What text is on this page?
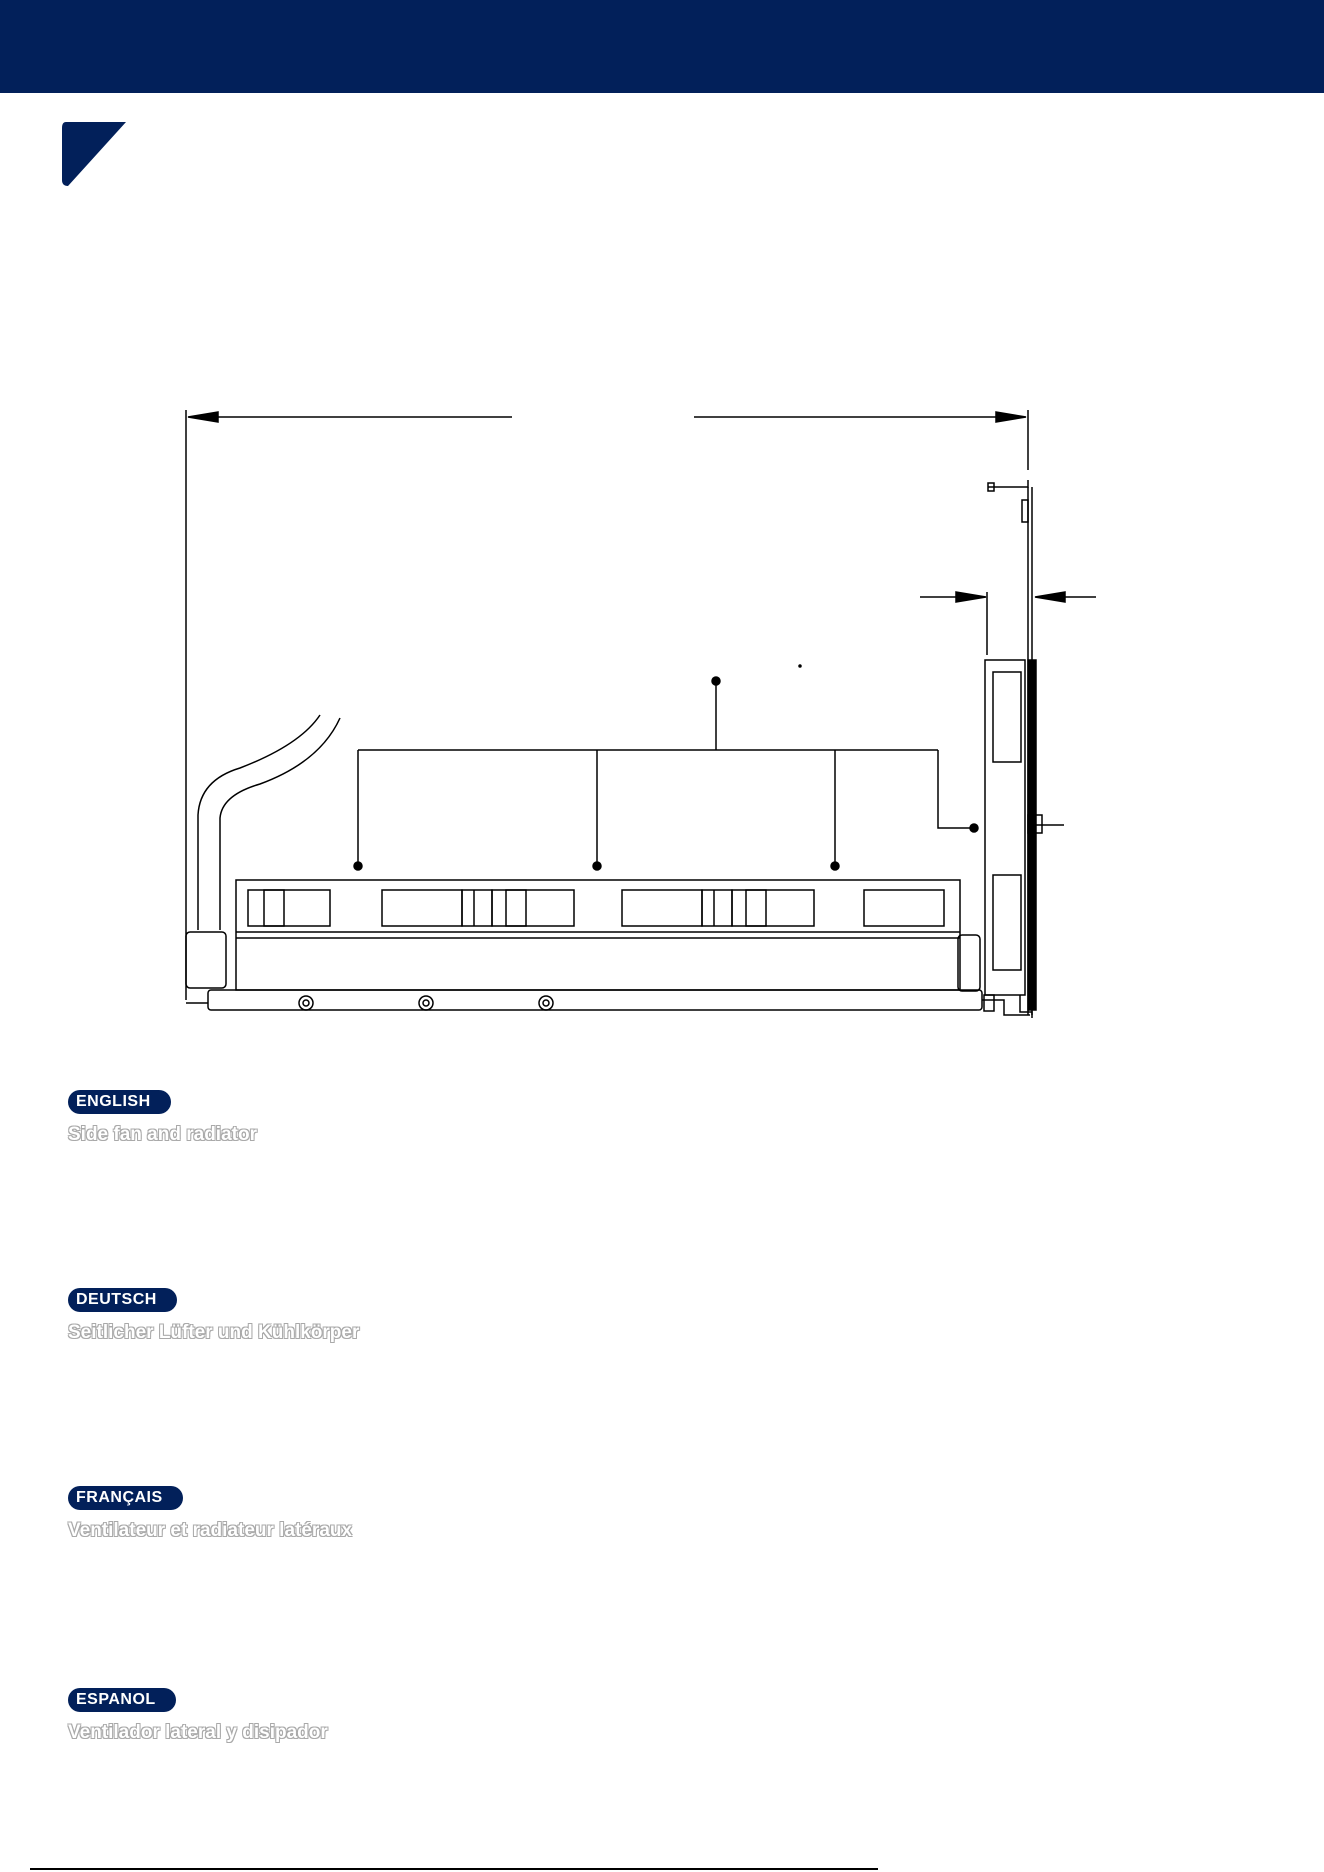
ENGLISH
Side fan and radiator
DEUTSCH
Seitlicher Lüfter und Kühlkörper
FRANÇAIS
Ventilateur et radiateur latéraux
ESPANOL
Ventilador lateral y disipador
